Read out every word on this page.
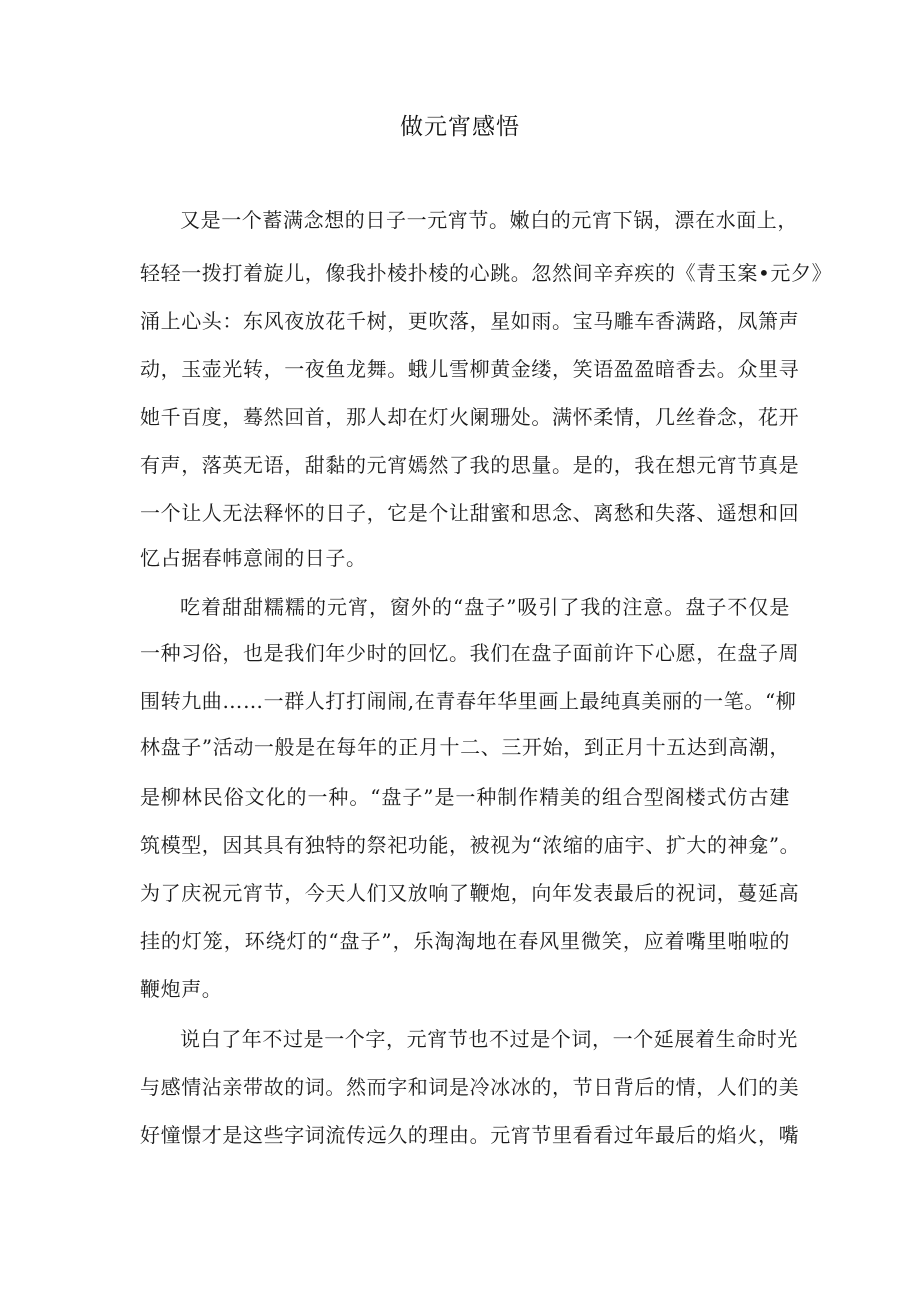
做元宵感悟
又是一个蓄满念想的日子一元宵节。嫩白的元宵下锅，漂在水面上，
轻轻一拨打着旋儿，像我扑棱扑棱的心跳。忽然间辛弃疾的《青玉案•元夕》
涌上心头：东风夜放花千树，更吹落，星如雨。宝马雕车香满路，凤箫声
动，玉壶光转，一夜鱼龙舞。蛾儿雪柳黄金缕，笑语盈盈暗香去。众里寻
她千百度，蓦然回首，那人却在灯火阑珊处。满怀柔情，几丝眷念，花开
有声，落英无语，甜黏的元宵嫣然了我的思量。是的，我在想元宵节真是
一个让人无法释怀的日子，它是个让甜蜜和思念、离愁和失落、遥想和回
忆占据春帏意闹的日子。
吃着甜甜糯糯的元宵，窗外的“盘子”吸引了我的注意。盘子不仅是
一种习俗，也是我们年少时的回忆。我们在盘子面前许下心愿，在盘子周
围转九曲……一群人打打闹闹,在青春年华里画上最纯真美丽的一笔。“柳
林盘子”活动一般是在每年的正月十二、三开始，到正月十五达到高潮，
是柳林民俗文化的一种。“盘子”是一种制作精美的组合型阁楼式仿古建
筑模型，因其具有独特的祭祀功能，被视为“浓缩的庙宇、扩大的神龛”。
为了庆祝元宵节，今天人们又放响了鞭炮，向年发表最后的祝词，蔓延高
挂的灯笼，环绕灯的“盘子”，乐淘淘地在春风里微笑，应着嘴里啪啦的
鞭炮声。
说白了年不过是一个字，元宵节也不过是个词，一个延展着生命时光
与感情沾亲带故的词。然而字和词是冷冰冰的，节日背后的情，人们的美
好憧憬才是这些字词流传远久的理由。元宵节里看看过年最后的焰火，嘴
